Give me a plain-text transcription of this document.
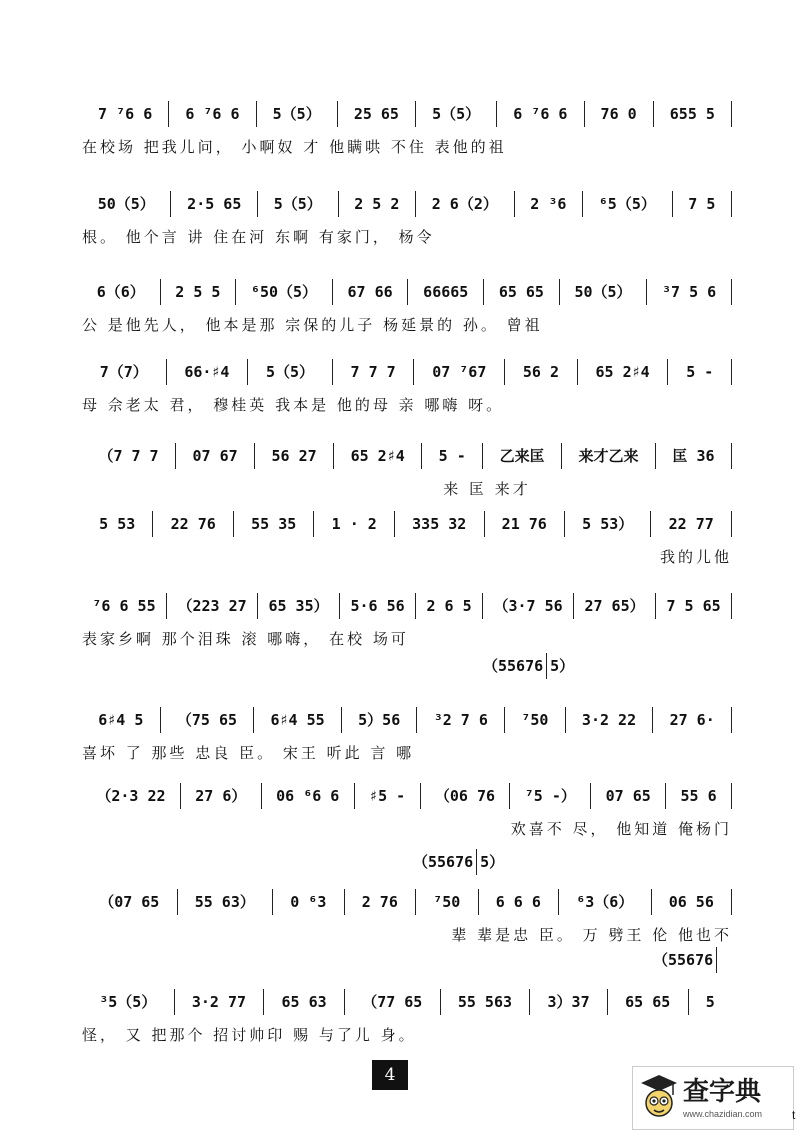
7 ⁷6 6	6 ⁷6 6	5（5）	25 65	5（5）	6 ⁷6 6	76 0	655 5
在校场 把我儿问， 小啊奴 才 他瞒哄 不住 表他的祖
50（5）	2·5 65	5（5）	2 5 2	2 6（2）	2 ³6	⁶5（5）	7 5
根。 他个言 讲 住在河 东啊 有家门， 杨令
6（6）	2 5 5	⁶50（5）	67 66	66665	65 65	50（5）	³7 5 6
公 是他先人， 他本是那 宗保的儿子 杨延景的 孙。 曾祖
7（7）	66·♯4	5（5）	7 7 7	07 ⁷67	56 2	65 2♯4	5 -
母 佘老太 君， 穆桂英 我本是 他的母 亲 哪嗨 呀。
（7 7 7	07 67	56 27	65 2♯4	5 -	乙来匡	来才乙来	匡 36
来 匡 来才
5 53	22 76	55 35	1 · 2	335 32	21 76	5 53）	22 77
我的儿他
⁷6 6 55	（223 27	65 35）	5·6 56	2 6 5	（3·7 56	27 65）	7 5 65
表家乡啊 那个泪珠 滚 哪嗨， 在校 场可
（55676 5）
6♯4 5	（75 65	6♯4 55	5）56	³2 7 6	⁷50	3·2 22	27 6·
喜坏 了 那些 忠良 臣。 宋王 听此 言 哪
（2·3 22	27 6）	06 ⁶6 6	♯5 -	（06 76	⁷5 -）	07 65	55 6
欢喜不 尽， 他知道 俺杨门
（55676 5）
（07 65	55 63）	0 ⁶3	2 76	⁷50	6 6 6	⁶3（6）	06 56
辈 辈是忠 臣。 万 劈王 伦 他也不
（55676
³5（5）	3·2 77	65 63	（77 65	55 563	3）37	65 65	5
怪， 又 把那个 招讨帅印 赐 与了儿 身。
4
查字典
www.chazidian.com t
